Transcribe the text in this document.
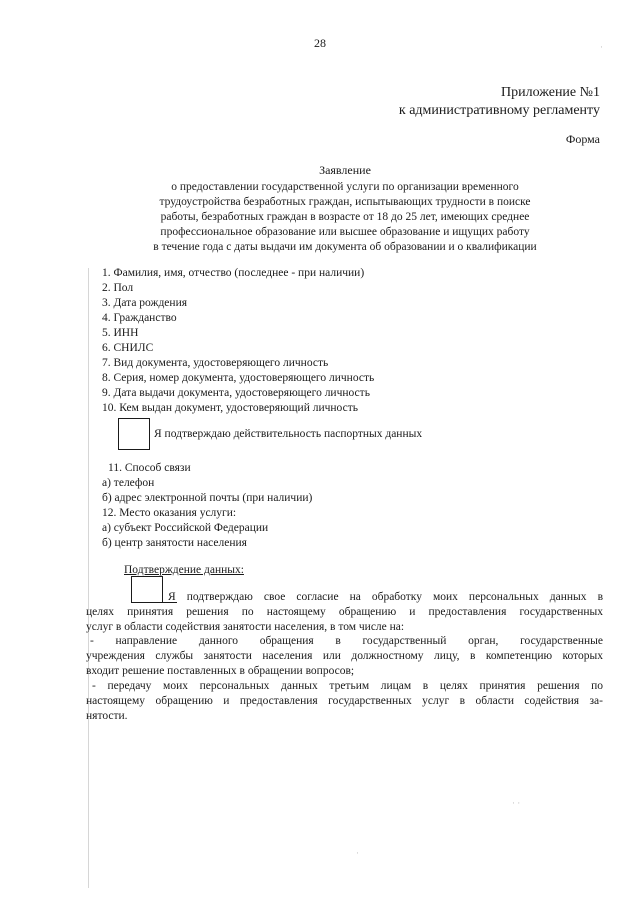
28
Приложение №1
к административному регламенту
Форма
Заявление
о предоставлении государственной услуги по организации временного
трудоустройства безработных граждан, испытывающих трудности в поиске
работы, безработных граждан в возрасте от 18 до 25 лет, имеющих среднее
профессиональное образование или высшее образование и ищущих работу
в течение года с даты выдачи им документа об образовании и о квалификации
1. Фамилия, имя, отчество (последнее - при наличии)
2. Пол
3. Дата рождения
4. Гражданство
5. ИНН
6. СНИЛС
7. Вид документа, удостоверяющего личность
8. Серия, номер документа, удостоверяющего личность
9. Дата выдачи документа, удостоверяющего личность
10. Кем выдан документ, удостоверяющий личность
Я подтверждаю действительность паспортных данных
11. Способ связи
а) телефон
б) адрес электронной почты (при наличии)
12. Место оказания услуги:
а) субъект Российской Федерации
б) центр занятости населения
Подтверждение данных:
Я подтверждаю свое согласие на обработку моих персональных данных в
целях принятия решения по настоящему обращению и предоставления государственных
услуг в области содействия занятости населения, в том числе на:
- направление данного обращения в государственный орган, государственные
учреждения службы занятости населения или должностному лицу, в компетенцию которых
входит решение поставленных в обращении вопросов;
- передачу моих персональных данных третьим лицам в целях принятия решения по
настоящему обращению и предоставления государственных услуг в области содействия за-
нятости.
·
· ·
·
